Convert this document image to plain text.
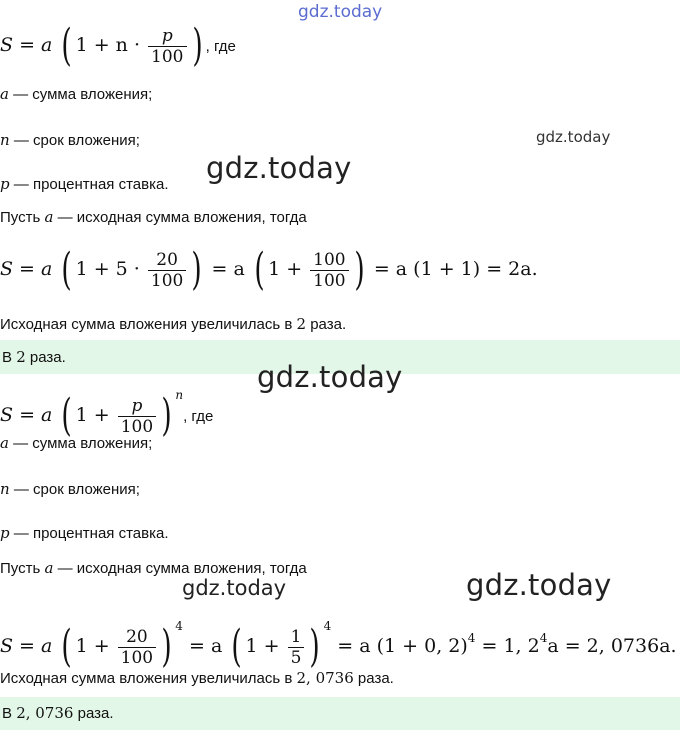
gdz.today
gdz.today
S = a ( $1 + n \cdot \frac{p}{100}$ ) , где
a — сумма вложения;
n — срок вложения;
p — процентная ставка. gdz.today
Пусть a — исходная сумма вложения, тогда
S = a ( $1 + 5 \cdot \frac{20}{100}$ ) = a ( $1 + \frac{100}{100}$ ) = a (1 + 1) = 2a.
Исходная сумма вложения увеличилась в 2 раза.
В 2 раза.
S = a ( $1 + \frac{p}{100}$ ) $^n$, где
gdz.today
a — сумма вложения;
n — срок вложения;
p — процентная ставка.
Пусть a — исходная сумма вложения, тогда
gdz.today	gdz.today
S = a ( $1 + \frac{20}{100}$ ) $^4$ = a ( $1 + \frac{1}{5}$ ) $^4$ = a (1 + 0, 2)$^4$ = 1, $2^4a = 2$, 0736a.
Исходная сумма вложения увеличилась в 2, 0736 раза.
В 2, 0736 раза.
